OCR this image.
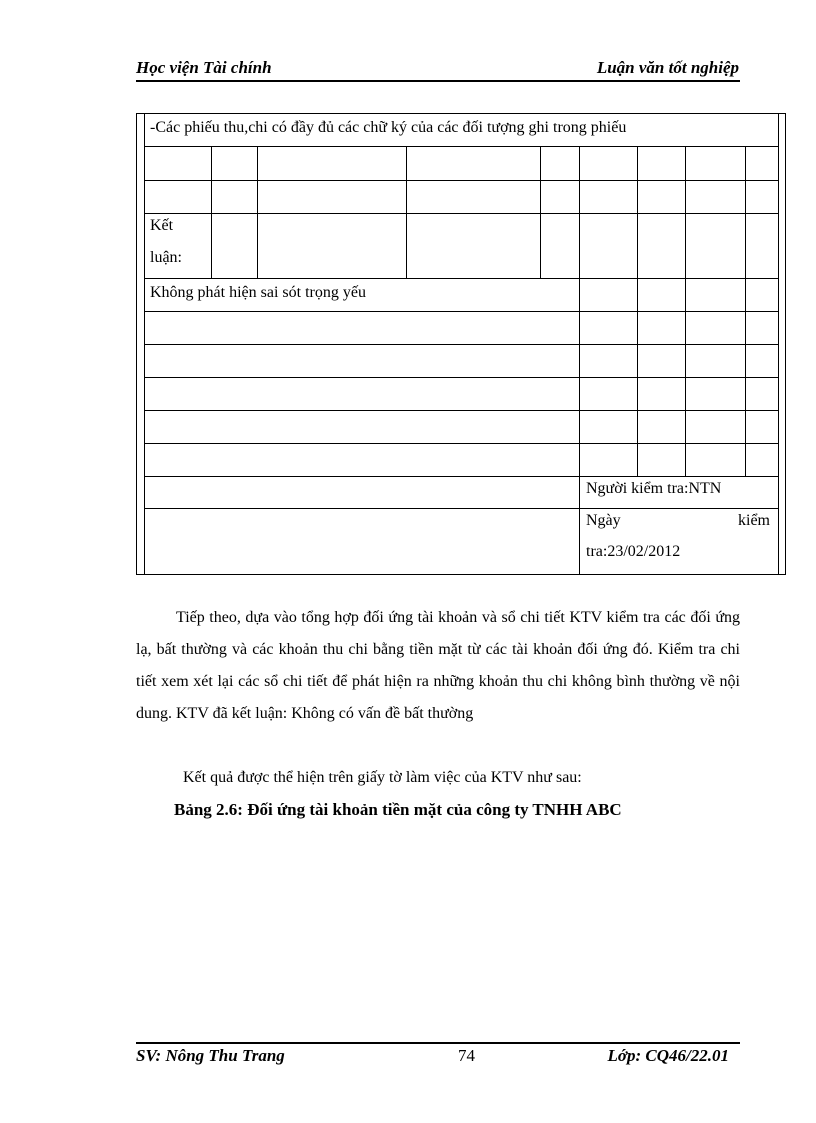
Học viện Tài chính	Luận văn tốt nghiệp
-Các phiếu thu,chi có đầy đủ các chữ ký của các đối tượng ghi trong phiếu
Kết
luận:
Không phát hiện sai sót trọng yếu
Người kiểm tra:NTN
Ngày	kiểm
tra:23/02/2012
Tiếp theo, dựa vào tổng hợp đối ứng tài khoản và sổ chi tiết KTV kiểm tra các đối ứng lạ, bất thường và các khoản thu chi bằng tiền mặt từ các tài khoản đối ứng đó. Kiểm tra chi tiết xem xét lại các sổ chi tiết để phát hiện ra những khoản thu chi không bình thường về nội dung. KTV đã kết luận: Không có vấn đề bất thường
Kết quả được thể hiện trên giấy tờ làm việc của KTV như sau:
Bảng 2.6: Đối ứng tài khoản tiền mặt của công ty TNHH ABC
SV: Nông Thu Trang	74	Lớp: CQ46/22.01
